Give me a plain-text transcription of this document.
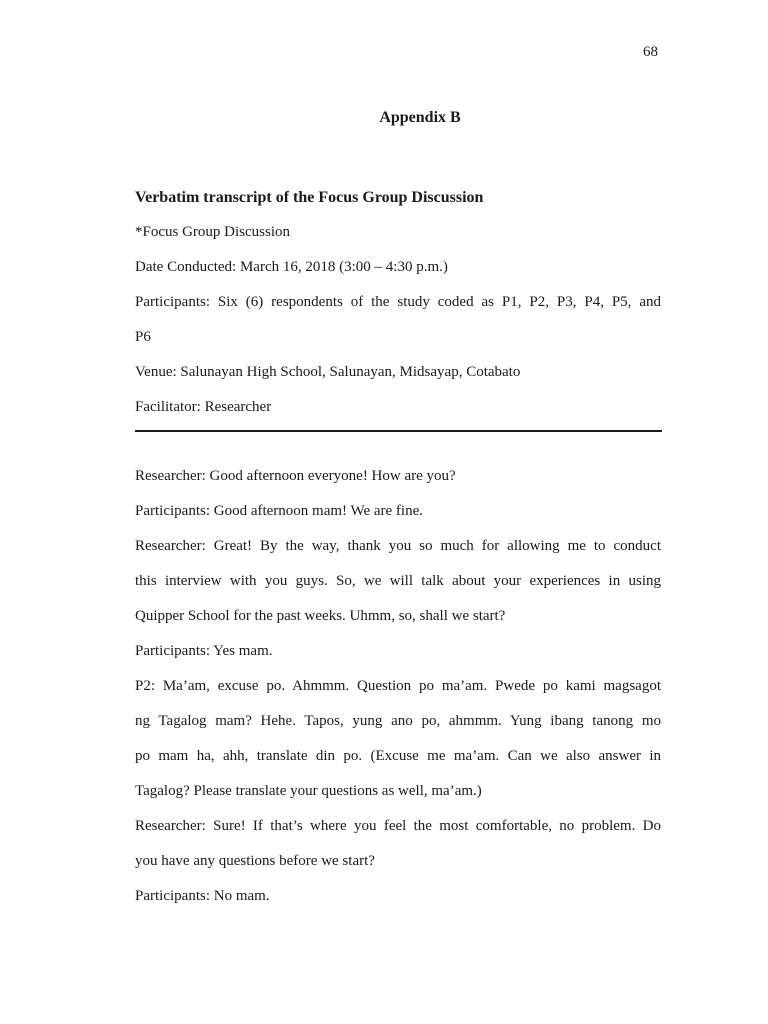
68
Appendix B

Verbatim transcript of the Focus Group Discussion

*Focus Group Discussion

Date Conducted: March 16, 2018 (3:00 – 4:30 p.m.)

Participants: Six (6) respondents of the study coded as P1, P2, P3, P4, P5, and

P6

Venue: Salunayan High School, Salunayan, Midsayap, Cotabato

Facilitator: Researcher

Researcher: Good afternoon everyone! How are you?

Participants: Good afternoon mam! We are fine.

Researcher: Great! By the way, thank you so much for allowing me to conduct

this interview with you guys. So, we will talk about your experiences in using

Quipper School for the past weeks. Uhmm, so, shall we start?

Participants: Yes mam.

P2: Ma’am, excuse po. Ahmmm. Question po ma’am. Pwede po kami magsagot

ng Tagalog mam? Hehe. Tapos, yung ano po, ahmmm. Yung ibang tanong mo

po mam ha, ahh, translate din po. (Excuse me ma’am. Can we also answer in

Tagalog? Please translate your questions as well, ma’am.)

Researcher: Sure! If that’s where you feel the most comfortable, no problem. Do

you have any questions before we start?

Participants: No mam.
